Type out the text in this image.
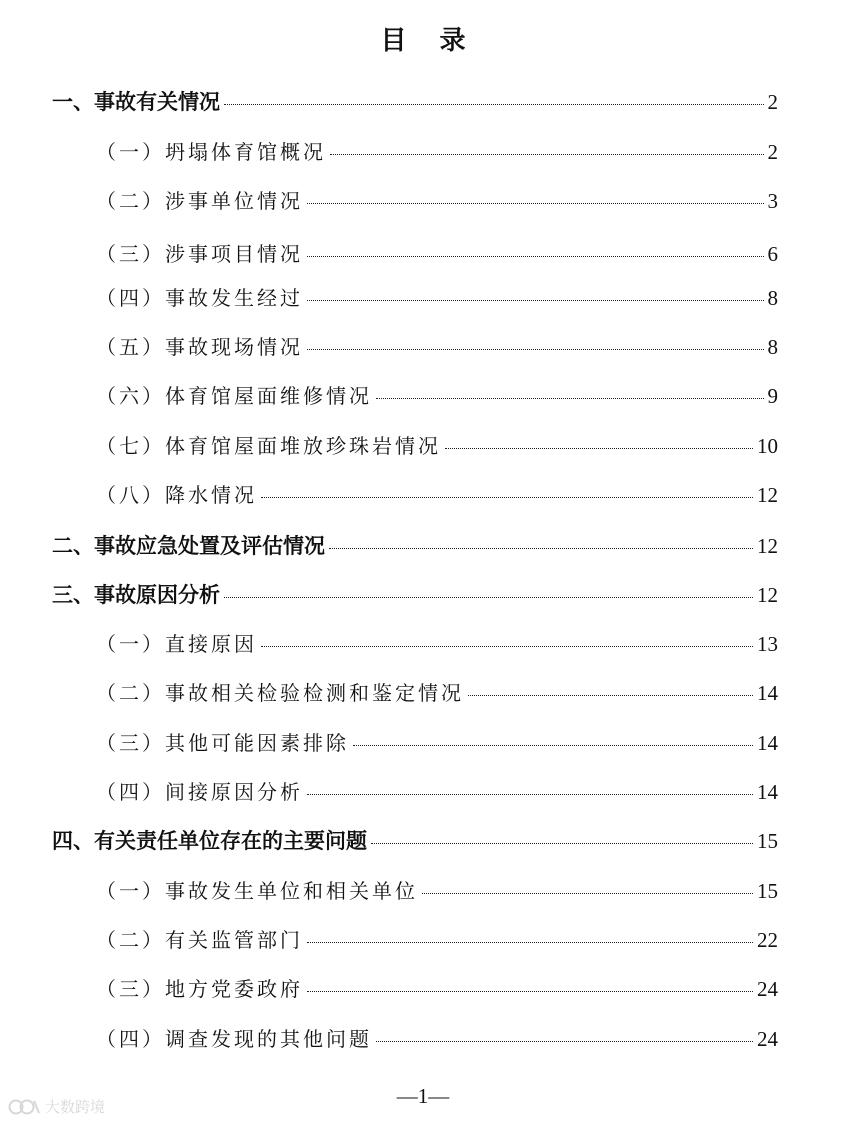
目 录
一、事故有关情况	2
（一）坍塌体育馆概况	2
（二）涉事单位情况	3
（三）涉事项目情况	6
（四）事故发生经过	8
（五）事故现场情况	8
（六）体育馆屋面维修情况	9
（七）体育馆屋面堆放珍珠岩情况	10
（八）降水情况	12
二、事故应急处置及评估情况	12
三、事故原因分析	12
（一）直接原因	13
（二）事故相关检验检测和鉴定情况	14
（三）其他可能因素排除	14
（四）间接原因分析	14
四、有关责任单位存在的主要问题	15
（一）事故发生单位和相关单位	15
（二）有关监管部门	22
（三）地方党委政府	24
（四）调查发现的其他问题	24
—1—
大数跨境
